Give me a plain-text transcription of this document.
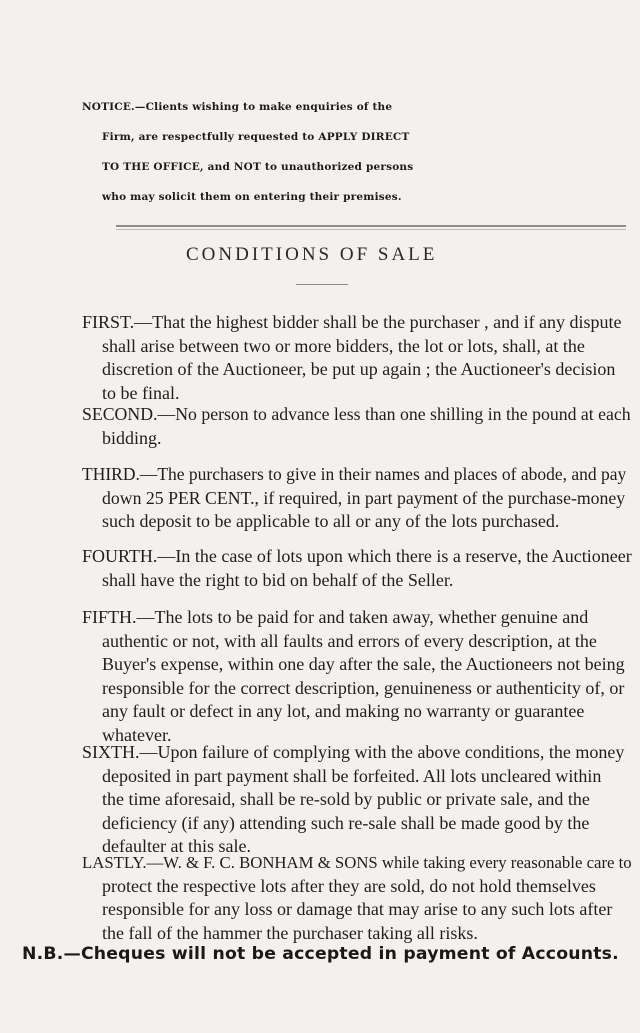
NOTICE.—Clients wishing to make enquiries of the
Firm, are respectfully requested to APPLY DIRECT
TO THE OFFICE, and NOT to unauthorized persons
who may solicit them on entering their premises.
CONDITIONS OF SALE

FIRST.—That the highest bidder shall be the purchaser , and if any dispute

shall arise between two or more bidders, the lot or lots, shall, at the

discretion of the Auctioneer, be put up again ; the Auctioneer's decision

to be final.

SECOND.—No person to advance less than one shilling in the pound at each

bidding.

THIRD.—The purchasers to give in their names and places of abode, and pay

down 25 PER CENT., if required, in part payment of the purchase-money

such deposit to be applicable to all or any of the lots purchased.

FOURTH.—In the case of lots upon which there is a reserve, the Auctioneer

shall have the right to bid on behalf of the Seller.

FIFTH.—The lots to be paid for and taken away, whether genuine and

authentic or not, with all faults and errors of every description, at the

Buyer's expense, within one day after the sale, the Auctioneers not being

responsible for the correct description, genuineness or authenticity of, or

any fault or defect in any lot, and making no warranty or guarantee

whatever.

SIXTH.—Upon failure of complying with the above conditions, the money

deposited in part payment shall be forfeited. All lots uncleared within

the time aforesaid, shall be re-sold by public or private sale, and the

deficiency (if any) attending such re-sale shall be made good by the

defaulter at this sale.

LASTLY.—W. & F. C. BONHAM & SONS while taking every reasonable care to

protect the respective lots after they are sold, do not hold themselves

responsible for any loss or damage that may arise to any such lots after

the fall of the hammer the purchaser taking all risks.

N.B.—Cheques will not be accepted in payment of Accounts.
